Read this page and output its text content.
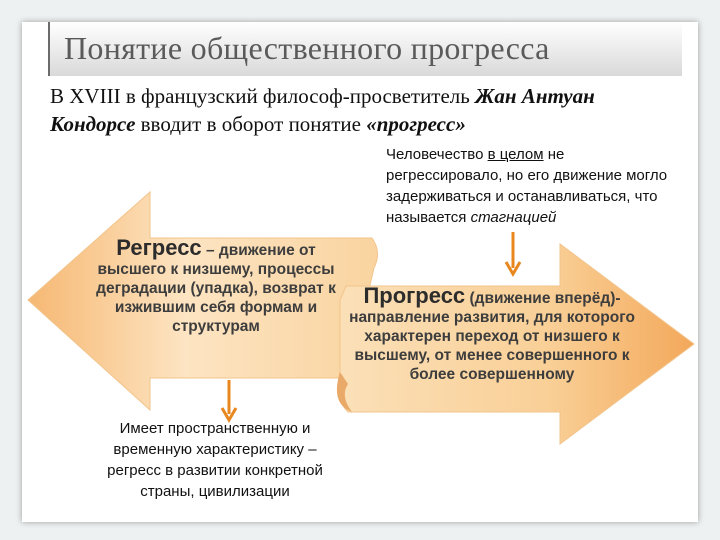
Понятие общественного прогресса
В XVIII в французский философ-просветитель Жан Антуан
Кондорсе вводит в оборот понятие «прогресс»
Человечество в целом не регрессировало, но его движение могло задерживаться и останавливаться, что называется стагнацией
Регресс – движение от высшего к низшему, процессы деградации (упадка), возврат к изжившим себя формам и структурам
Прогресс (движение вперёд)-
направление развития, для которого характерен переход от низшего к высшему, от менее совершенного к более совершенному
Имеет пространственную и временную характеристику – регресс в развитии конкретной страны, цивилизации
